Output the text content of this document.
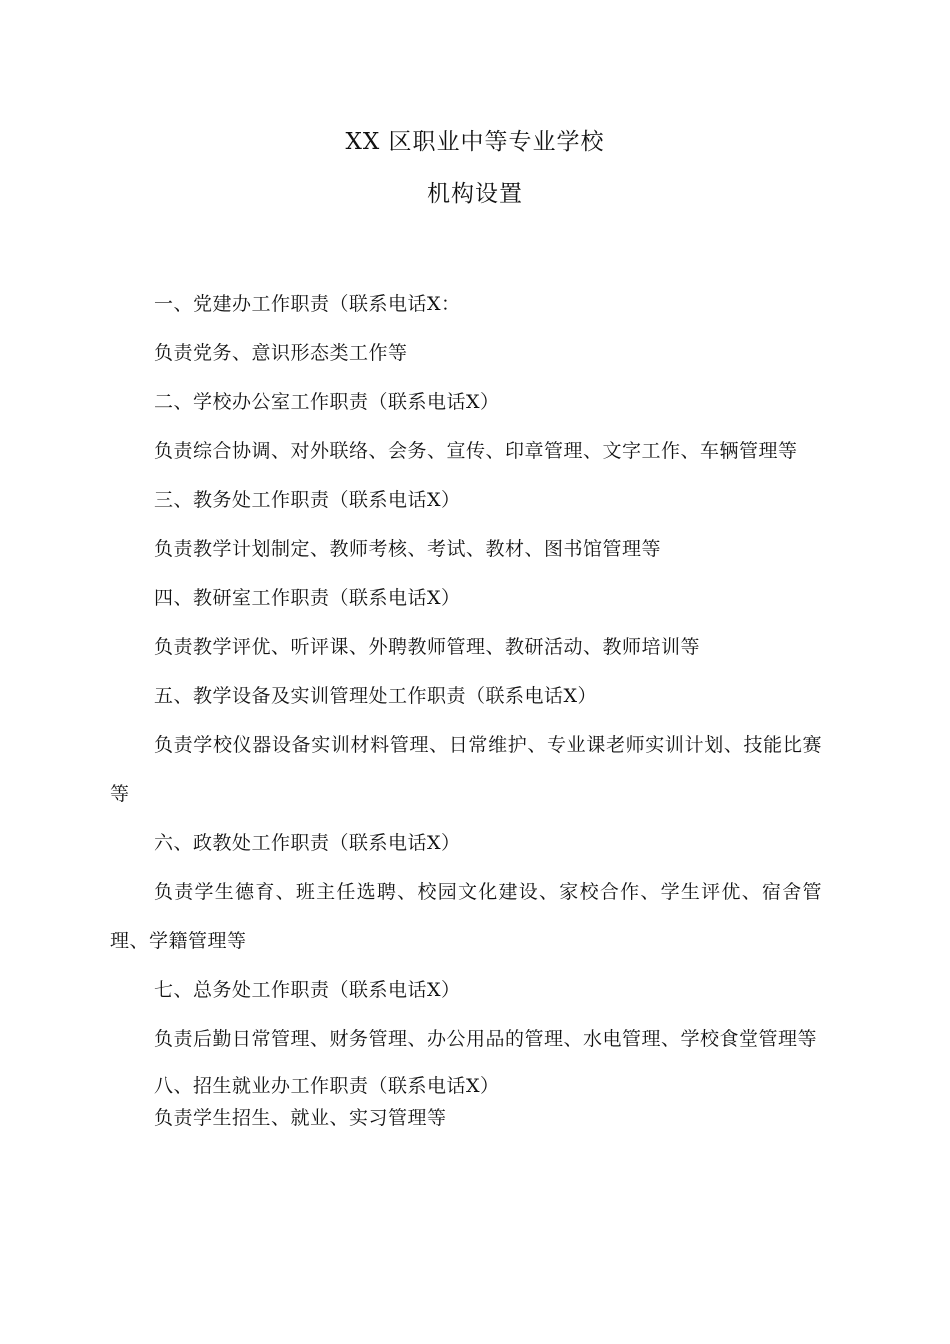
XX 区职业中等专业学校
机构设置

一、党建办工作职责（联系电话X：

负责党务、意识形态类工作等

二、学校办公室工作职责（联系电话X）

负责综合协调、对外联络、会务、宣传、印章管理、文字工作、车辆管理等

三、教务处工作职责（联系电话X）

负责教学计划制定、教师考核、考试、教材、图书馆管理等

四、教研室工作职责（联系电话X）

负责教学评优、听评课、外聘教师管理、教研活动、教师培训等

五、教学设备及实训管理处工作职责（联系电话X）

负责学校仪器设备实训材料管理、日常维护、专业课老师实训计划、技能比赛等

六、政教处工作职责（联系电话X）

负责学生德育、班主任选聘、校园文化建设、家校合作、学生评优、宿舍管理、学籍管理等

七、总务处工作职责（联系电话X）

负责后勤日常管理、财务管理、办公用品的管理、水电管理、学校食堂管理等

八、招生就业办工作职责（联系电话X）

负责学生招生、就业、实习管理等
